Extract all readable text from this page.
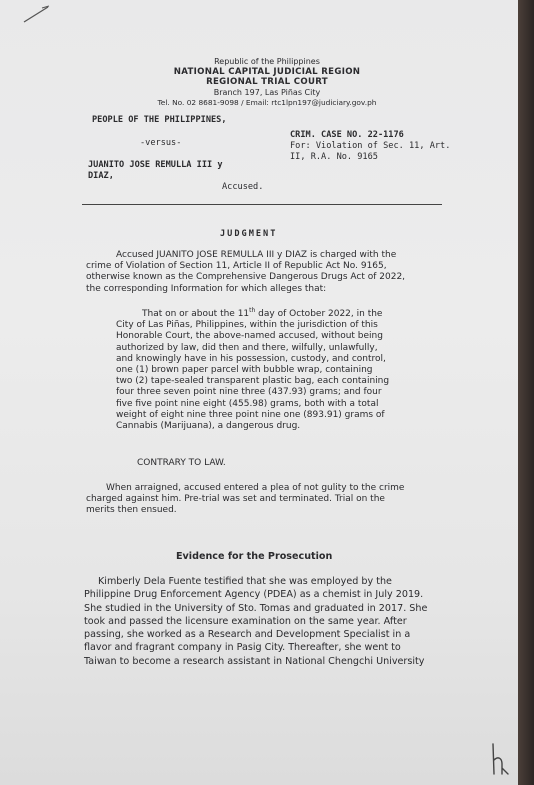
Republic of the Philippines
NATIONAL CAPITAL JUDICIAL REGION
REGIONAL TRIAL COURT
Branch 197, Las Piñas City
Tel. No. 02 8681-9098 / Email: rtc1lpn197@judiciary.gov.ph
PEOPLE OF THE PHILIPPINES,
-versus-
JUANITO JOSE REMULLA III y
DIAZ,
Accused.
CRIM. CASE NO. 22-1176
For: Violation of Sec. 11, Art.
II, R.A. No. 9165
JUDGMENT
Accused JUANITO JOSE REMULLA III y DIAZ is charged with the
crime of Violation of Section 11, Article II of Republic Act No. 9165,
otherwise known as the Comprehensive Dangerous Drugs Act of 2022,
the corresponding Information for which alleges that:
That on or about the 11th day of October 2022, in the
City of Las Piñas, Philippines, within the jurisdiction of this
Honorable Court, the above-named accused, without being
authorized by law, did then and there, wilfully, unlawfully,
and knowingly have in his possession, custody, and control,
one (1) brown paper parcel with bubble wrap, containing
two (2) tape-sealed transparent plastic bag, each containing
four three seven point nine three (437.93) grams; and four
five five point nine eight (455.98) grams, both with a total
weight of eight nine three point nine one (893.91) grams of
Cannabis (Marijuana), a dangerous drug.
CONTRARY TO LAW.
When arraigned, accused entered a plea of not gulity to the crime
charged against him. Pre-trial was set and terminated. Trial on the
merits then ensued.
Evidence for the Prosecution
Kimberly Dela Fuente testified that she was employed by the
Philippine Drug Enforcement Agency (PDEA) as a chemist in July 2019.
She studied in the University of Sto. Tomas and graduated in 2017. She
took and passed the licensure examination on the same year. After
passing, she worked as a Research and Development Specialist in a
flavor and fragrant company in Pasig City. Thereafter, she went to
Taiwan to become a research assistant in National Chengchi University
